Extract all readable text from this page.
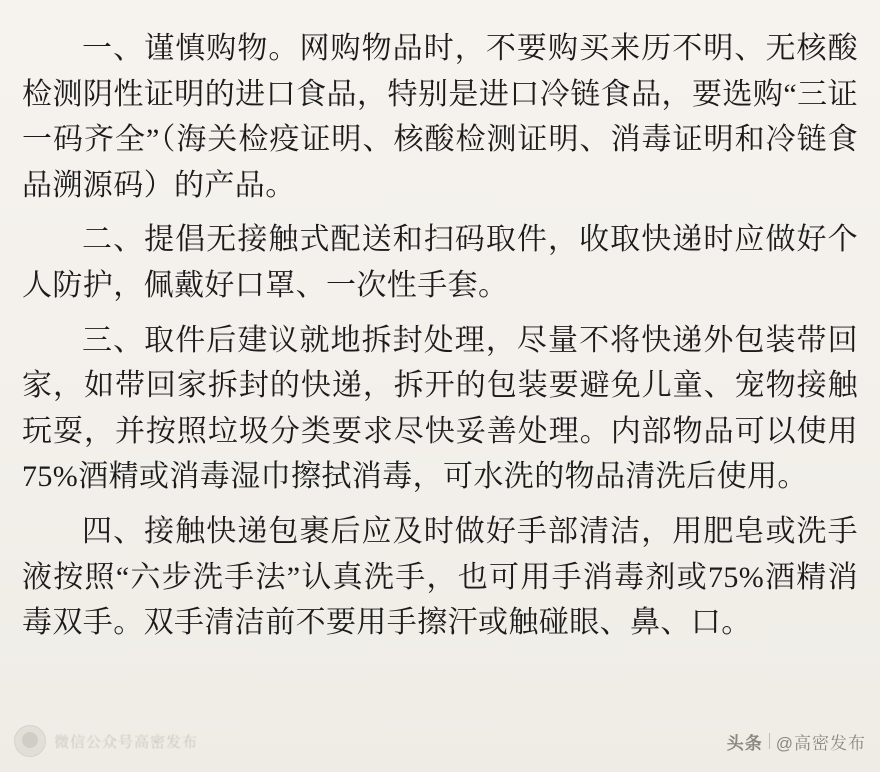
一、谨慎购物。网购物品时，不要购买来历不明、无核酸检测阴性证明的进口食品，特别是进口冷链食品，要选购“三证一码齐全”（海关检疫证明、核酸检测证明、消毒证明和冷链食品溯源码）的产品。

二、提倡无接触式配送和扫码取件，收取快递时应做好个人防护，佩戴好口罩、一次性手套。

三、取件后建议就地拆封处理，尽量不将快递外包装带回家，如带回家拆封的快递，拆开的包装要避免儿童、宠物接触玩耍，并按照垃圾分类要求尽快妥善处理。内部物品可以使用75%酒精或消毒湿巾擦拭消毒，可水洗的物品清洗后使用。

四、接触快递包裹后应及时做好手部清洁，用肥皂或洗手液按照“六步洗手法”认真洗手，也可用手消毒剂或75%酒精消毒双手。双手清洁前不要用手擦汗或触碰眼、鼻、口。

微信公众号高密发布	头条 @高密发布
